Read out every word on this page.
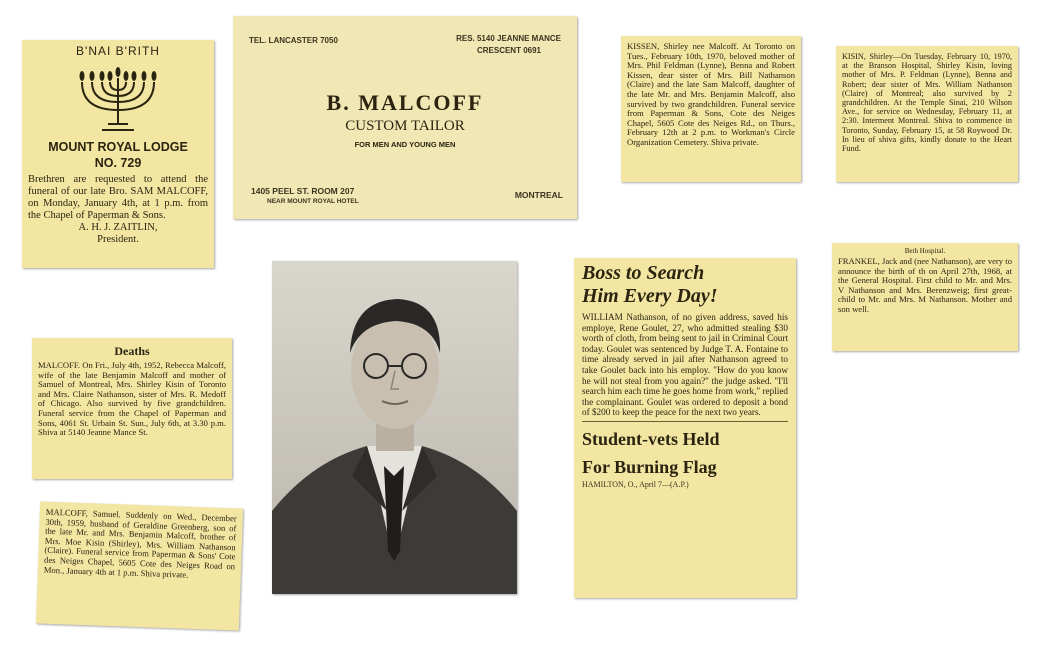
B'NAI B'RITH
MOUNT ROYAL LODGE
NO. 729

Brethren are requested to attend the funeral of our late Bro. SAM MALCOFF, on Monday, January 4th, at 1 p.m. from the Chapel of Paperman & Sons.

A. H. J. ZAITLIN,

President.

TEL. LANCASTER 7050	RES. 5140 JEANNE MANCE
CRESCENT 0691
B. MALCOFF
CUSTOM TAILOR
FOR MEN AND YOUNG MEN
1405 PEEL ST. ROOM 207
NEAR MOUNT ROYAL HOTEL
MONTREAL

KISSEN, Shirley nee Malcoff. At Toronto on Tues., February 10th, 1970, beloved mother of Mrs. Phil Feldman (Lynne), Benna and Robert Kissen, dear sister of Mrs. Bill Nathanson (Claire) and the late Sam Malcoff, daughter of the late Mr. and Mrs. Benjamin Malcoff, also survived by two grandchildren. Funeral service from Paperman & Sons, Cote des Neiges Chapel, 5605 Cote des Neiges Rd., on Thurs., February 12th at 2 p.m. to Workman's Circle Organization Cemetery. Shiva private.

KISIN, Shirley—On Tuesday, February 10, 1970, at the Branson Hospital, Shirley Kisin, loving mother of Mrs. P. Feldman (Lynne), Benna and Robert; dear sister of Mrs. William Nathanson (Claire) of Montreal; also survived by 2 grandchildren. At the Temple Sinai, 210 Wilson Ave., for service on Wednesday, February 11, at 2:30. Interment Montreal. Shiva to commence in Toronto, Sunday, February 15, at 58 Roywood Dr. In lieu of shiva gifts, kindly donate to the Heart Fund.

Beth Hospital.

FRANKEL, Jack and (nee Nathanson), are very to announce the birth of th on April 27th, 1968, at the General Hospital. First child to Mr. and Mrs. V Nathanson and Mrs. Berenzweig; first great-child to Mr. and Mrs. M Nathanson. Mother and son well.

Deaths

MALCOFF. On Fri., July 4th, 1952, Rebecca Malcoff, wife of the late Benjamin Malcoff and mother of Samuel of Montreal, Mrs. Shirley Kisin of Toronto and Mrs. Claire Nathanson, sister of Mrs. R. Medoff of Chicago. Also survived by five grandchildren. Funeral service from the Chapel of Paperman and Sons, 4061 St. Urbain St. Sun., July 6th, at 3.30 p.m. Shiva at 5140 Jeanne Mance St.

MALCOFF, Samuel. Suddenly on Wed., December 30th, 1959, husband of Geraldine Greenberg, son of the late Mr. and Mrs. Benjamin Malcoff, brother of Mrs. Moe Kisin (Shirley), Mrs. William Nathanson (Claire). Funeral service from Paperman & Sons' Cote des Neiges Chapel, 5605 Cote des Neiges Road on Mon., January 4th at 1 p.m. Shiva private.

Boss to Search
Him Every Day!

WILLIAM Nathanson, of no given address, saved his employe, Rene Goulet, 27, who admitted stealing $30 worth of cloth, from being sent to jail in Criminal Court today. Goulet was sentenced by Judge T. A. Fontaine to time already served in jail after Nathanson agreed to take Goulet back into his employ. "How do you know he will not steal from you again?" the judge asked. "I'll search him each time he goes home from work," replied the complainant. Goulet was ordered to deposit a bond of $200 to keep the peace for the next two years.

Student-vets Held
For Burning Flag

HAMILTON, O., April 7—(A.P.)
